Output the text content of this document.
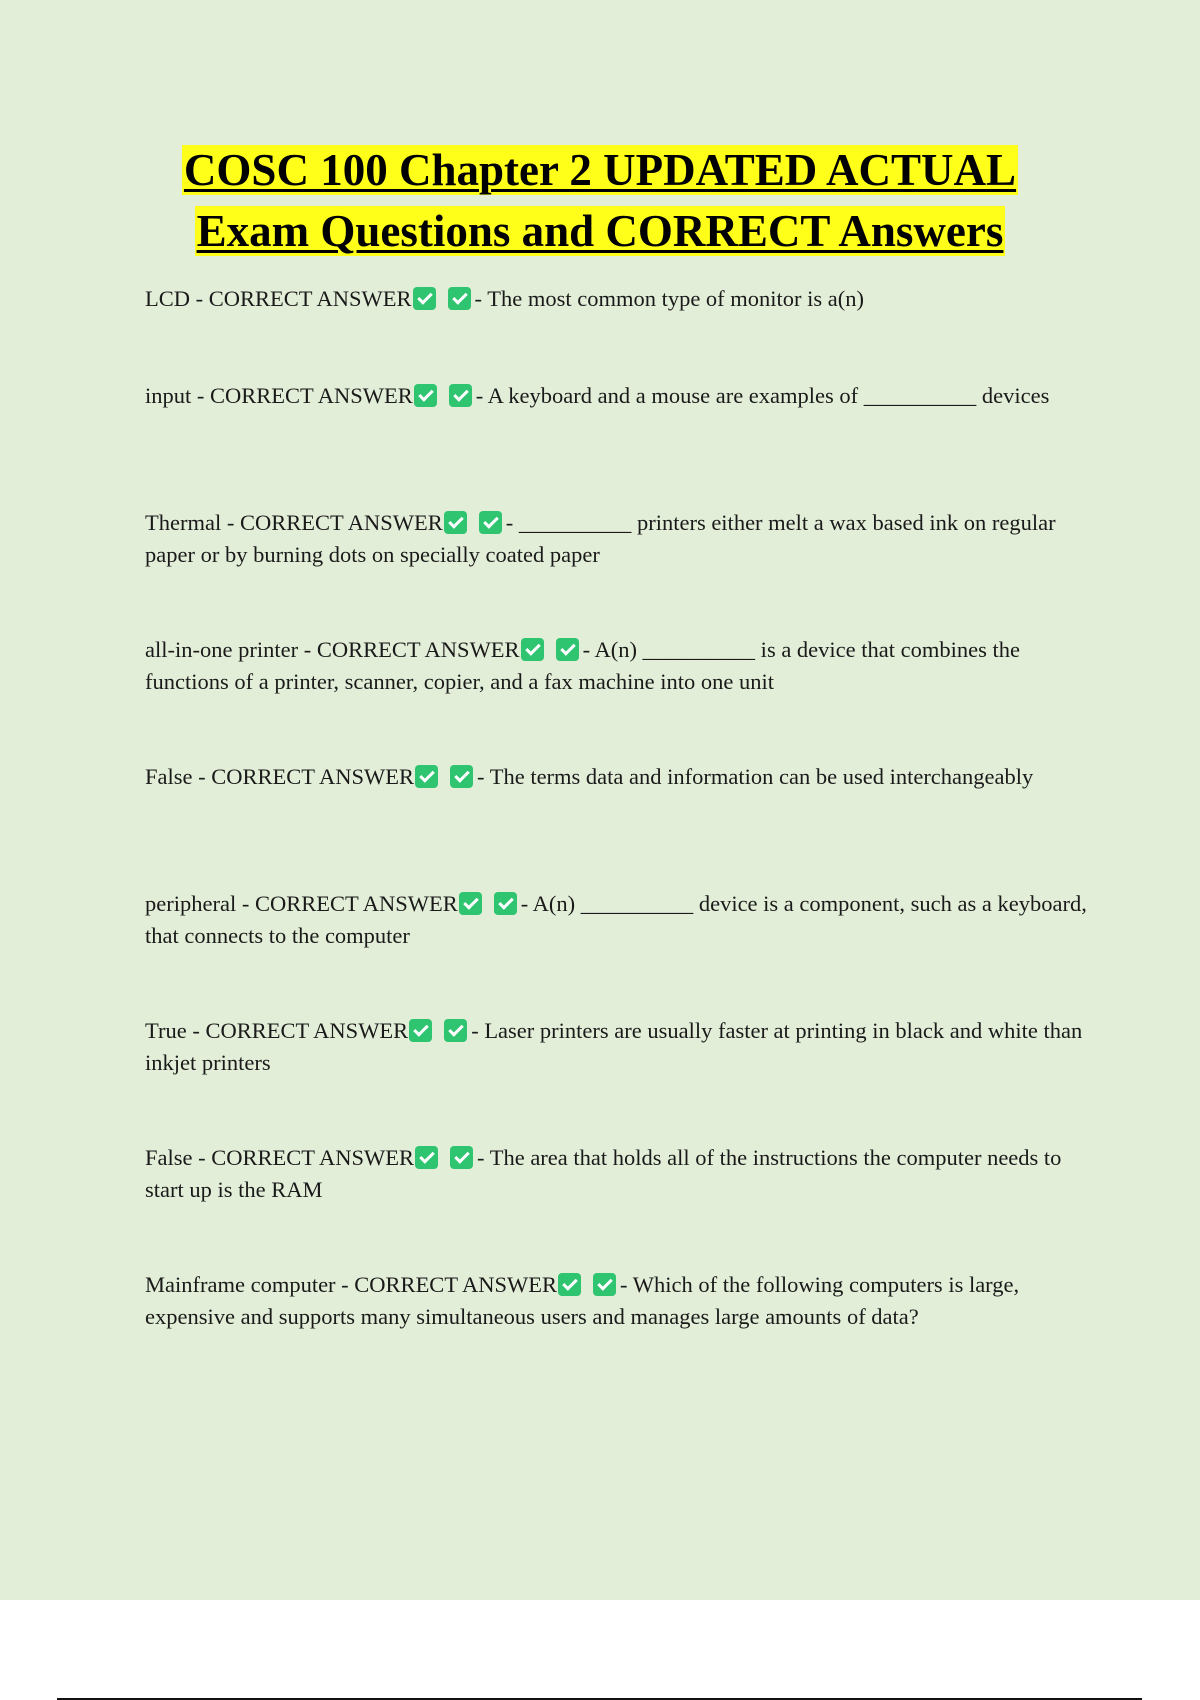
COSC 100 Chapter 2 UPDATED ACTUAL
Exam Questions and CORRECT Answers
LCD - CORRECT ANSWER	- The most common type of monitor is a(n)
input - CORRECT ANSWER	- A keyboard and a mouse are examples of __________ devices
Thermal - CORRECT ANSWER	- __________ printers either melt a wax based ink on regular paper or by burning dots on specially coated paper
all-in-one printer - CORRECT ANSWER	- A(n) __________ is a device that combines the functions of a printer, scanner, copier, and a fax machine into one unit
False - CORRECT ANSWER	- The terms data and information can be used interchangeably
peripheral - CORRECT ANSWER	- A(n) __________ device is a component, such as a keyboard, that connects to the computer
True - CORRECT ANSWER	- Laser printers are usually faster at printing in black and white than inkjet printers
False - CORRECT ANSWER	- The area that holds all of the instructions the computer needs to start up is the RAM
Mainframe computer - CORRECT ANSWER	- Which of the following computers is large, expensive and supports many simultaneous users and manages large amounts of data?
